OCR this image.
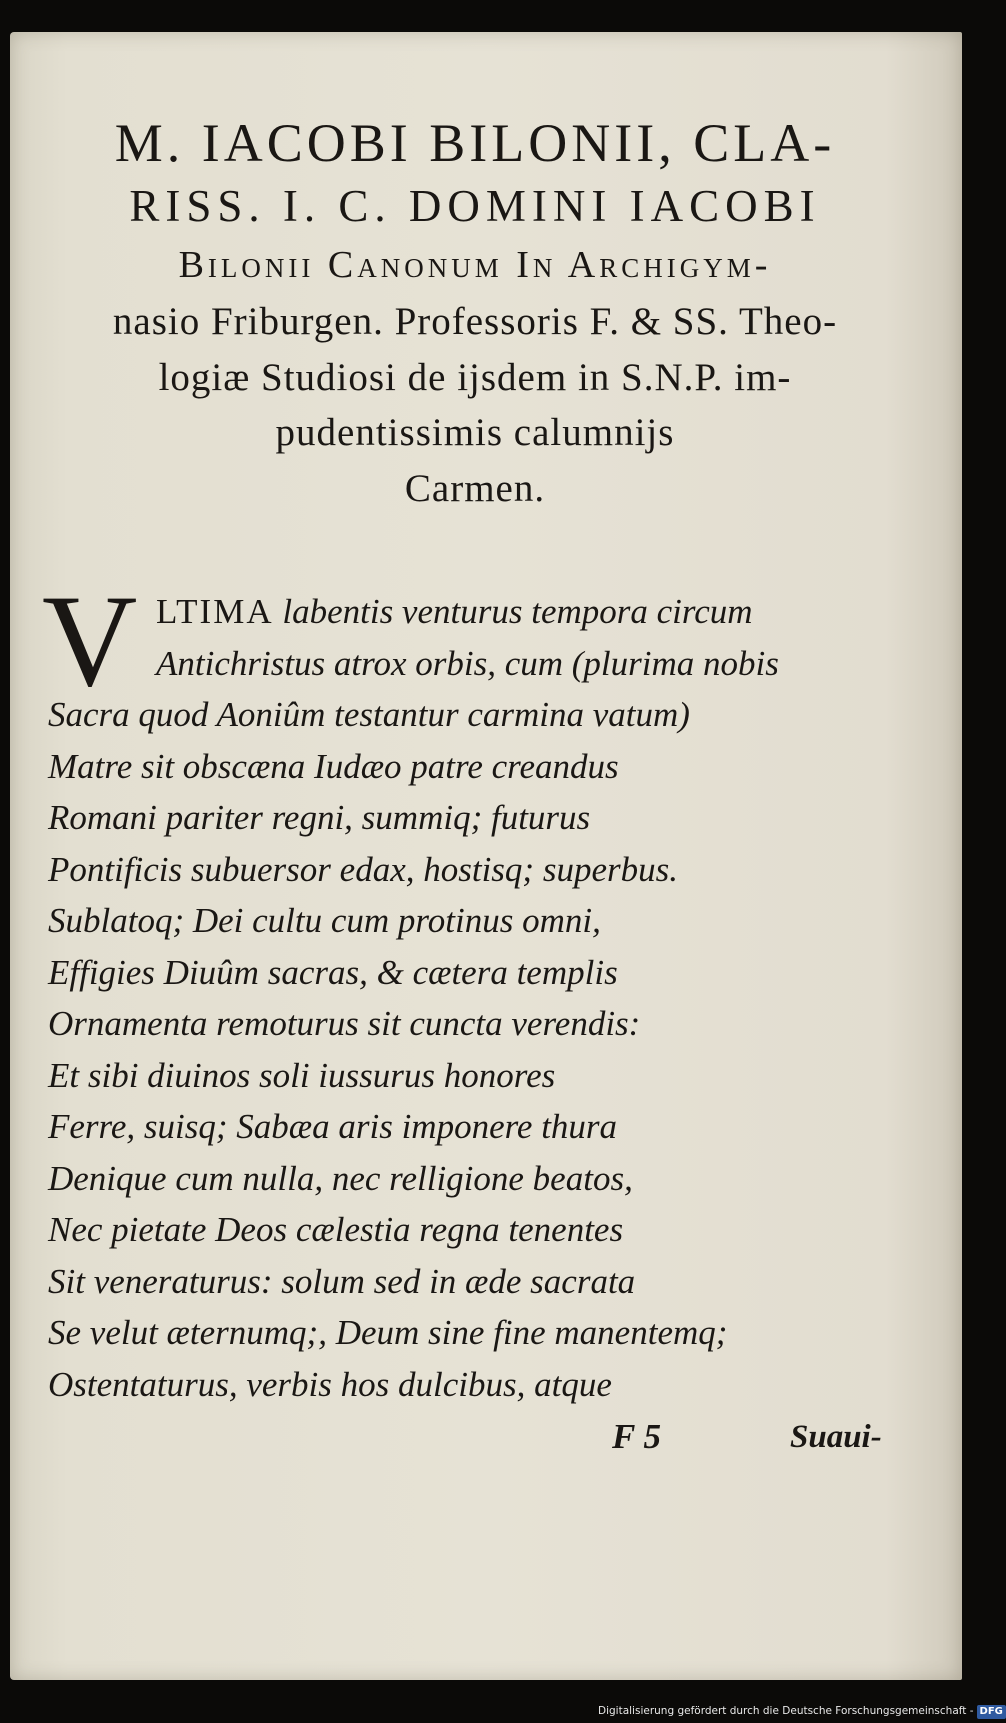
M. IACOBI BILONII, CLA-
RISS. I. C. DOMINI IACOBI
Bilonii Canonum In Archigym-
nasio Friburgen. Professoris F. & SS. Theo-
logiæ Studiosi de ijsdem in S.N.P. im-
pudentissimis calumnijs
Carmen.
V LTIMA labentis venturus tempora circum
Antichristus atrox orbis, cum (plurima nobis
Sacra quod Aoniûm testantur carmina vatum)
Matre sit obscæna Iudæo patre creandus
Romani pariter regni, summiq; futurus
Pontificis subuersor edax, hostisq; superbus.
Sublatoq; Dei cultu cum protinus omni,
Effigies Diuûm sacras, & cætera templis
Ornamenta remoturus sit cuncta verendis:
Et sibi diuinos soli iussurus honores
Ferre, suisq; Sabæa aris imponere thura
Denique cum nulla, nec relligione beatos,
Nec pietate Deos cælestia regna tenentes
Sit veneraturus: solum sed in æde sacrata
Se velut æternumq;, Deum sine fine manentemq;
Ostentaturus, verbis hos dulcibus, atque
F 5	Suaui-
Digitalisierung gefördert durch die Deutsche Forschungsgemeinschaft - DFG
